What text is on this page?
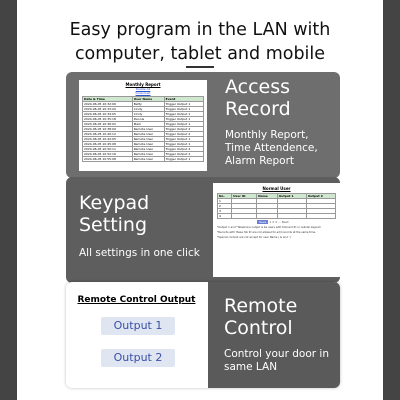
Easy program in the LAN with
computer, tablet and mobile
Monthly Report
Delete All
Download
Date & Time	User Name	Event
2024-06-05 10:32:06	Betty	Trigger Output 1
2024-06-05 10:33:20	Cindy	Trigger Output 1
2024-06-05 10:34:05	Cindy	Trigger Output 1
2024-06-05 10:35:18	Dennis	Trigger Output 1
2024-06-05 10:36:02	Mark	Trigger Output 1
2024-06-05 10:38:09	Remote User	Trigger Output 2
2024-06-05 10:40:12	Remote User	Trigger Output 2
2024-06-05 10:42:05	Remote User	Trigger Output 1
2024-06-05 10:45:08	Remote User	Trigger Output 1
2024-06-05 10:50:11	Remote User	Trigger Output 2
2024-06-05 10:52:16	Remote User	Trigger Output 2
2024-06-05 10:55:08	Remote User	Trigger Output 1
Access
Record
Monthly Report,
Time Attendence,
Alarm Report
Keypad
Setting
All settings in one click
Normal User
No.	User ID	Name	Output 1	Output 2
1				
2				
3				
4				
Save 1 2 3 ... Next
*Output 1 and *Telephone output is be users with fob/card ID or cellular keypad.
*Records with these fob ID are not allowed to add records at the same time.
*Special content are not accept for user Name ( & and ' )
Remote Control Output
Output 1
Output 2
Remote
Control
Control your door in
same LAN
